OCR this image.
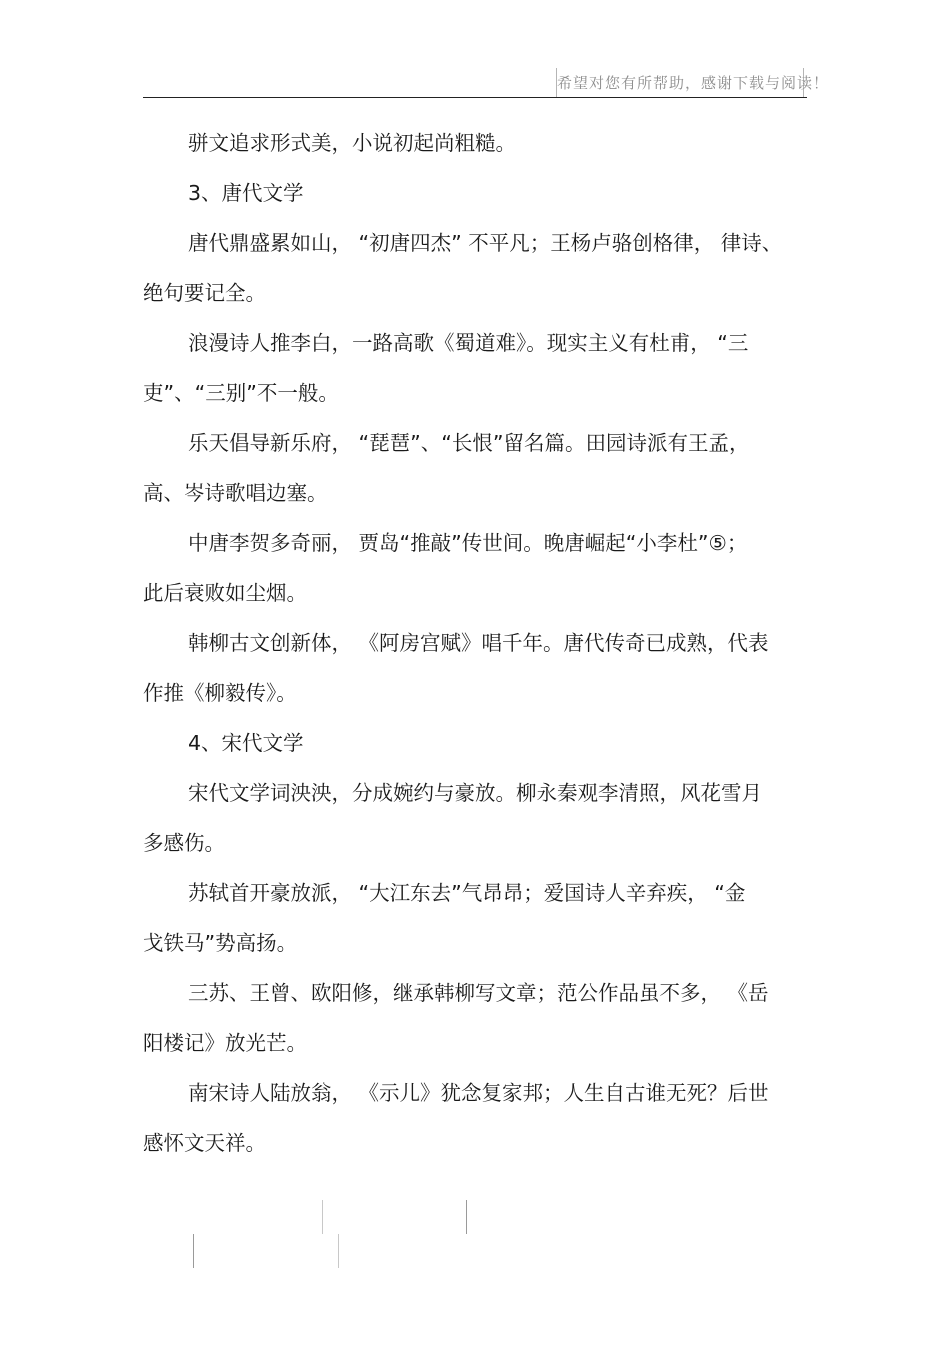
希望对您有所帮助，感谢下载与阅读！
骈文追求形式美，小说初起尚粗糙。
3、唐代文学
唐代鼎盛累如山， “初唐四杰” 不平凡；王杨卢骆创格律， 律诗、
绝句要记全。
浪漫诗人推李白，一路高歌《蜀道难》。现实主义有杜甫， “三
吏”、“三别”不一般。
乐天倡导新乐府， “琵琶”、“长恨”留名篇。田园诗派有王孟，
高、岑诗歌唱边塞。
中唐李贺多奇丽， 贾岛“推敲”传世间。晚唐崛起“小李杜”⑤；
此后衰败如尘烟。
韩柳古文创新体， 《阿房宫赋》唱千年。唐代传奇已成熟，代表
作推《柳毅传》。
4、宋代文学
宋代文学词泱泱，分成婉约与豪放。柳永秦观李清照，风花雪月
多感伤。
苏轼首开豪放派， “大江东去”气昂昂；爱国诗人辛弃疾， “金
戈铁马”势高扬。
三苏、王曾、欧阳修，继承韩柳写文章；范公作品虽不多， 《岳
阳楼记》放光芒。
南宋诗人陆放翁， 《示儿》犹念复家邦；人生自古谁无死？后世
感怀文天祥。
